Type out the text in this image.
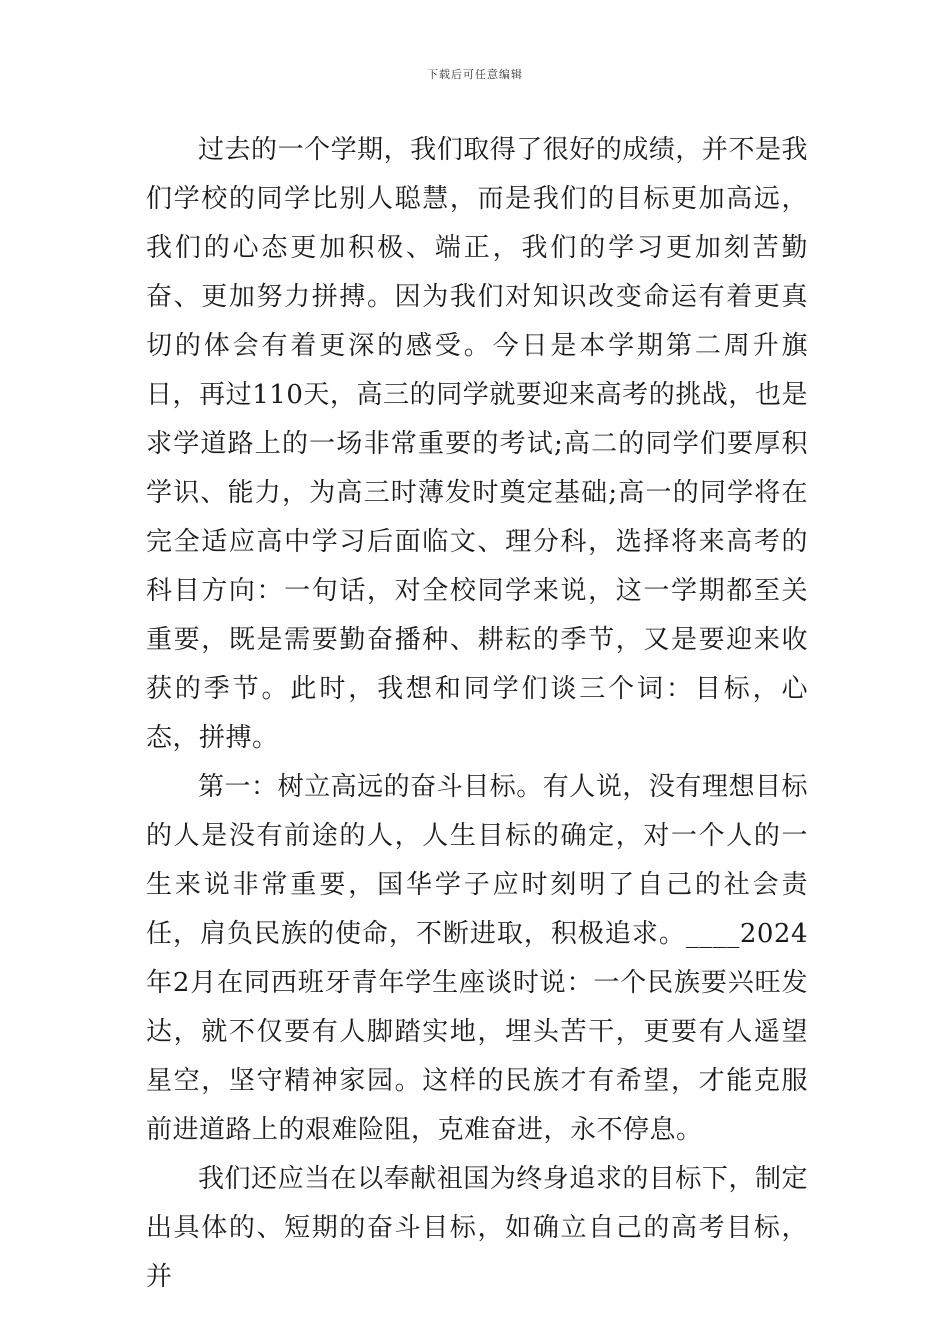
下载后可任意编辑

过去的一个学期，我们取得了很好的成绩，并不是我们学校的同学比别人聪慧，而是我们的目标更加高远，我们的心态更加积极、端正，我们的学习更加刻苦勤奋、更加努力拼搏。因为我们对知识改变命运有着更真切的体会有着更深的感受。今日是本学期第二周升旗日，再过110天，高三的同学就要迎来高考的挑战，也是求学道路上的一场非常重要的考试;高二的同学们要厚积学识、能力，为高三时薄发时奠定基础;高一的同学将在完全适应高中学习后面临文、理分科，选择将来高考的科目方向：一句话，对全校同学来说，这一学期都至关重要，既是需要勤奋播种、耕耘的季节，又是要迎来收获的季节。此时，我想和同学们谈三个词：目标，心态，拼搏。

第一：树立高远的奋斗目标。有人说，没有理想目标的人是没有前途的人，人生目标的确定，对一个人的一生来说非常重要，国华学子应时刻明了自己的社会责任，肩负民族的使命，不断进取，积极追求。____2024年2月在同西班牙青年学生座谈时说：一个民族要兴旺发达，就不仅要有人脚踏实地，埋头苦干，更要有人遥望星空，坚守精神家园。这样的民族才有希望，才能克服前进道路上的艰难险阻，克难奋进，永不停息。

我们还应当在以奉献祖国为终身追求的目标下，制定出具体的、短期的奋斗目标，如确立自己的高考目标，并
